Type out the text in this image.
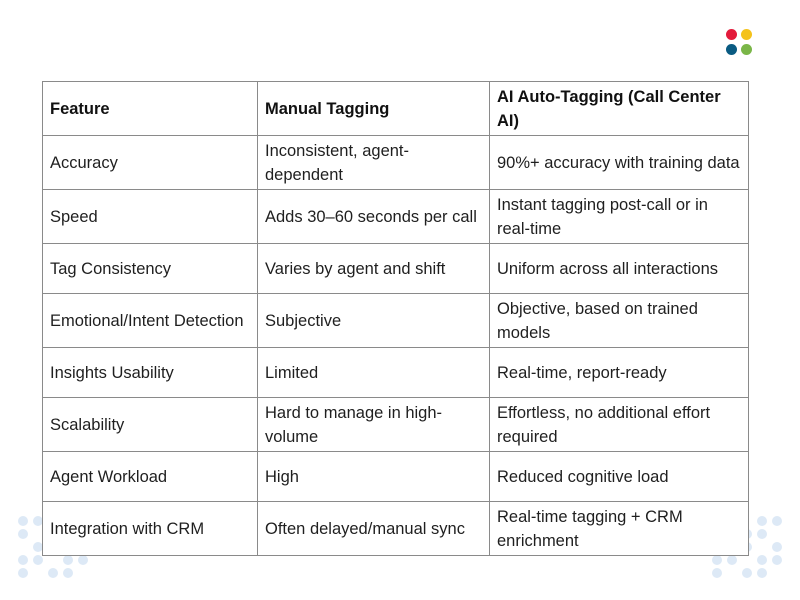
Feature	Manual Tagging	AI Auto-Tagging (Call Center AI)
Accuracy	Inconsistent, agent-dependent	90%+ accuracy with training data
Speed	Adds 30–60 seconds per call	Instant tagging post-call or in real-time
Tag Consistency	Varies by agent and shift	Uniform across all interactions
Emotional/Intent Detection	Subjective	Objective, based on trained models
Insights Usability	Limited	Real-time, report-ready
Scalability	Hard to manage in high-volume	Effortless, no additional effort required
Agent Workload	High	Reduced cognitive load
Integration with CRM	Often delayed/manual sync	Real-time tagging + CRM enrichment
